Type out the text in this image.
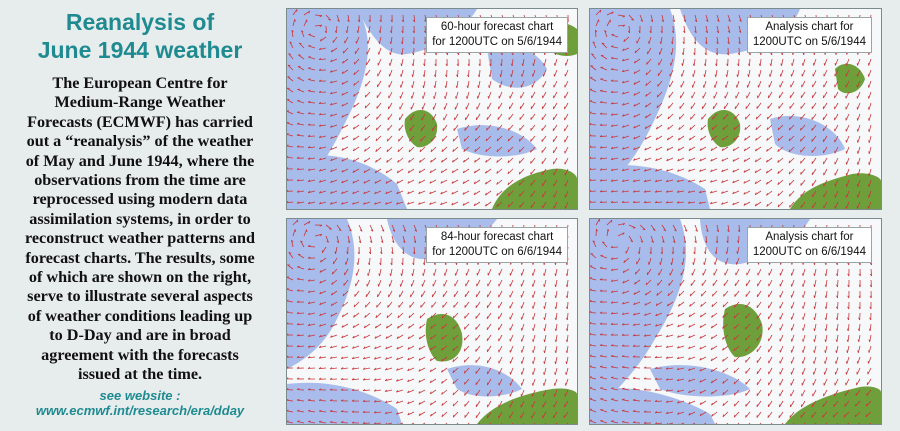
Reanalysis of
June 1944 weather
The European Centre for
Medium-Range Weather
Forecasts (ECMWF) has carried
out a “reanalysis” of the weather
of May and June 1944, where the
observations from the time are
reprocessed using modern data
assimilation systems, in order to
reconstruct weather patterns and
forecast charts. The results, some
of which are shown on the right,
serve to illustrate several aspects
of weather conditions leading up
to D-Day and are in broad
agreement with the forecasts
issued at the time.
see website :
www.ecmwf.int/research/era/dday
60-hour forecast chart
for 1200UTC on 5/6/1944
Analysis chart for
1200UTC on 5/6/1944
84-hour forecast chart
for 1200UTC on 6/6/1944
Analysis chart for
1200UTC on 6/6/1944
